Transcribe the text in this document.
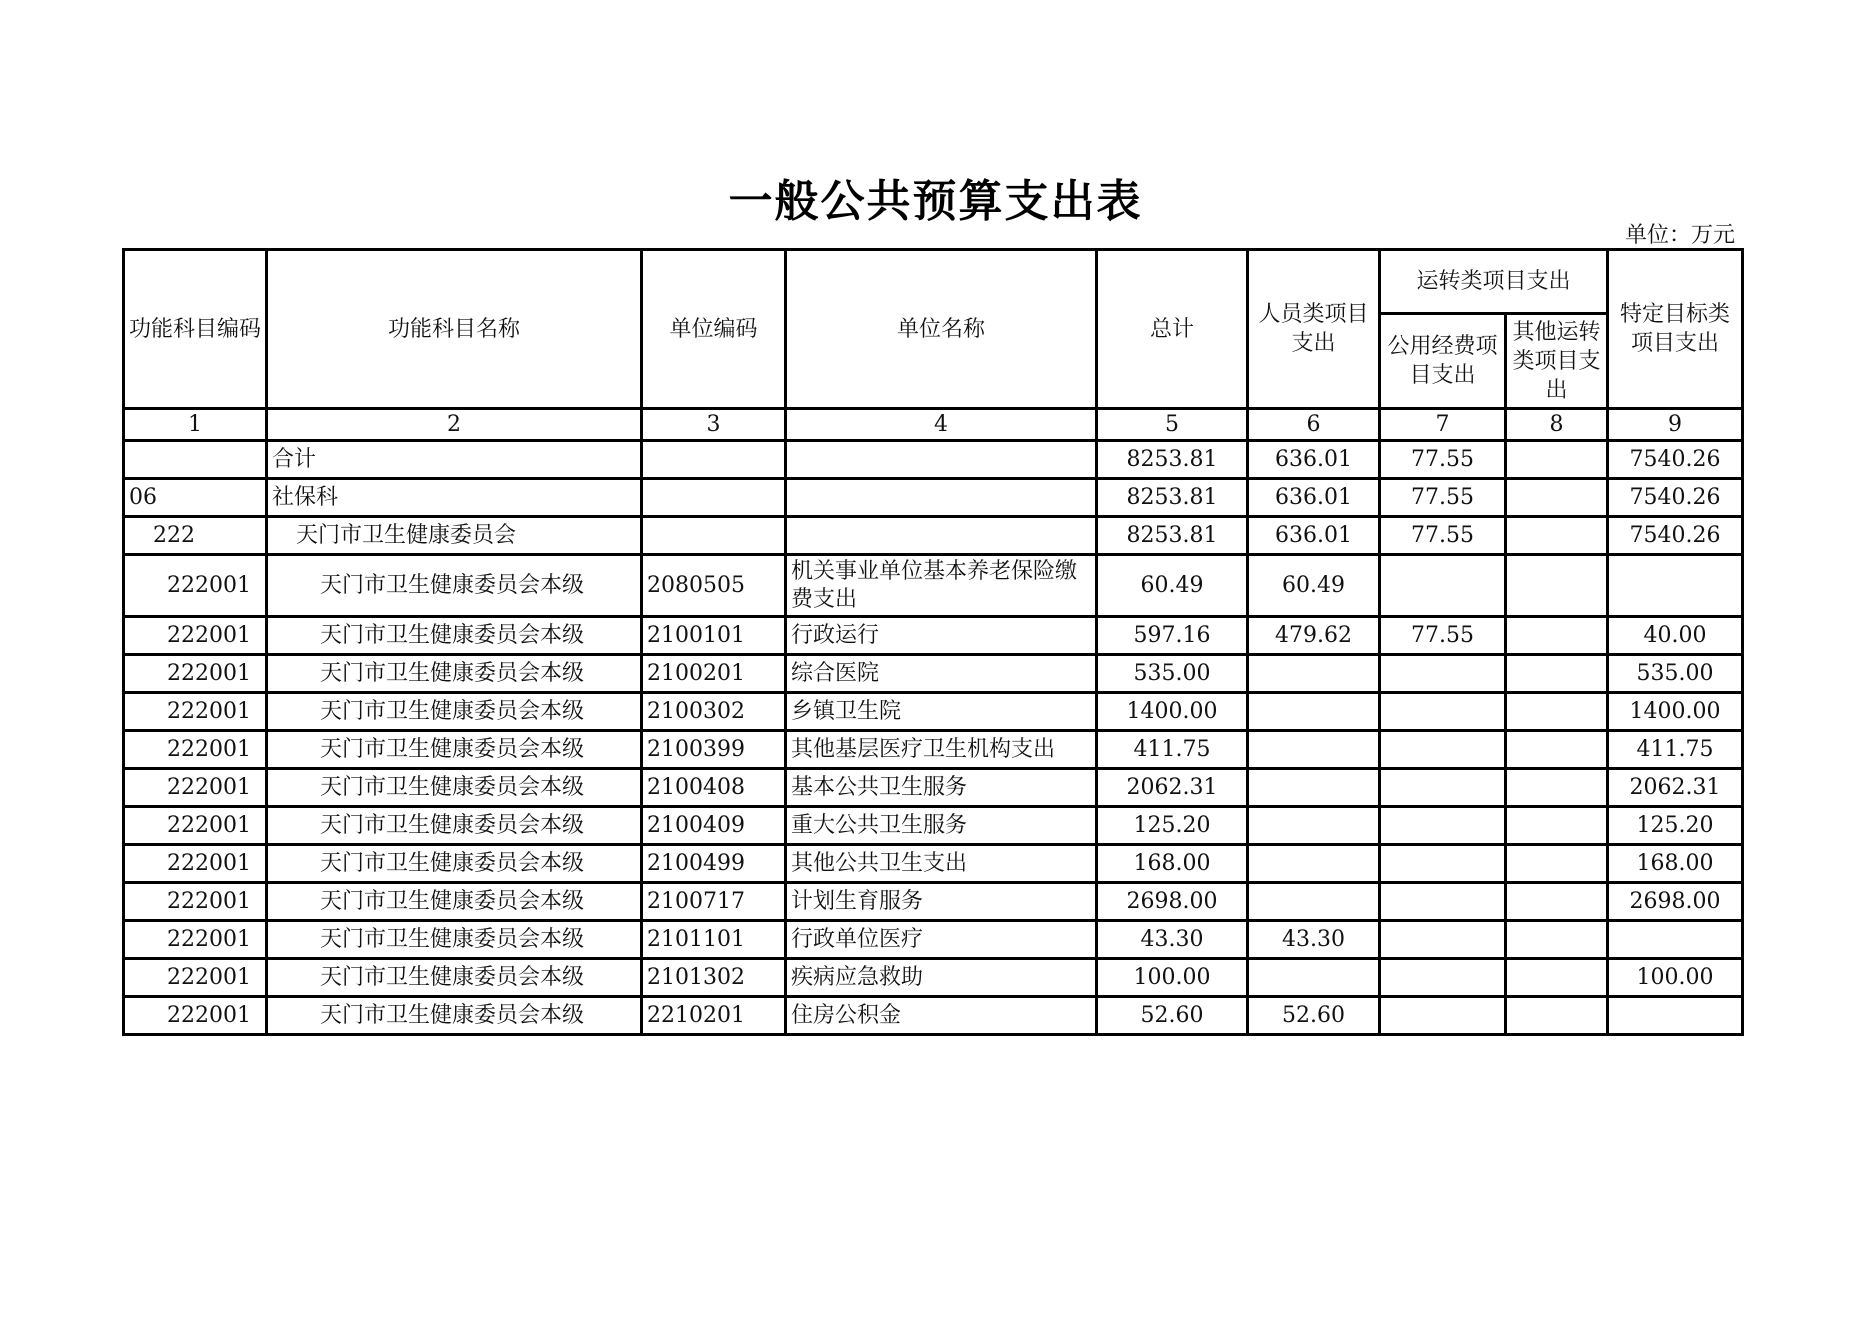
一般公共预算支出表
单位：万元
功能科目编码	功能科目名称	单位编码	单位名称	总计	人员类项目支出	运转类项目支出		特定目标类项目支出
						公用经费项目支出	其他运转类项目支出	
1	2	3	4	5	6	7	8	9
	合计			8253.81	636.01	77.55		7540.26
06	社保科			8253.81	636.01	77.55		7540.26
222	天门市卫生健康委员会			8253.81	636.01	77.55		7540.26
222001	天门市卫生健康委员会本级	2080505	机关事业单位基本养老保险缴费支出	60.49	60.49			
222001	天门市卫生健康委员会本级	2100101	行政运行	597.16	479.62	77.55		40.00
222001	天门市卫生健康委员会本级	2100201	综合医院	535.00				535.00
222001	天门市卫生健康委员会本级	2100302	乡镇卫生院	1400.00				1400.00
222001	天门市卫生健康委员会本级	2100399	其他基层医疗卫生机构支出	411.75				411.75
222001	天门市卫生健康委员会本级	2100408	基本公共卫生服务	2062.31				2062.31
222001	天门市卫生健康委员会本级	2100409	重大公共卫生服务	125.20				125.20
222001	天门市卫生健康委员会本级	2100499	其他公共卫生支出	168.00				168.00
222001	天门市卫生健康委员会本级	2100717	计划生育服务	2698.00				2698.00
222001	天门市卫生健康委员会本级	2101101	行政单位医疗	43.30	43.30			
222001	天门市卫生健康委员会本级	2101302	疾病应急救助	100.00				100.00
222001	天门市卫生健康委员会本级	2210201	住房公积金	52.60	52.60			
